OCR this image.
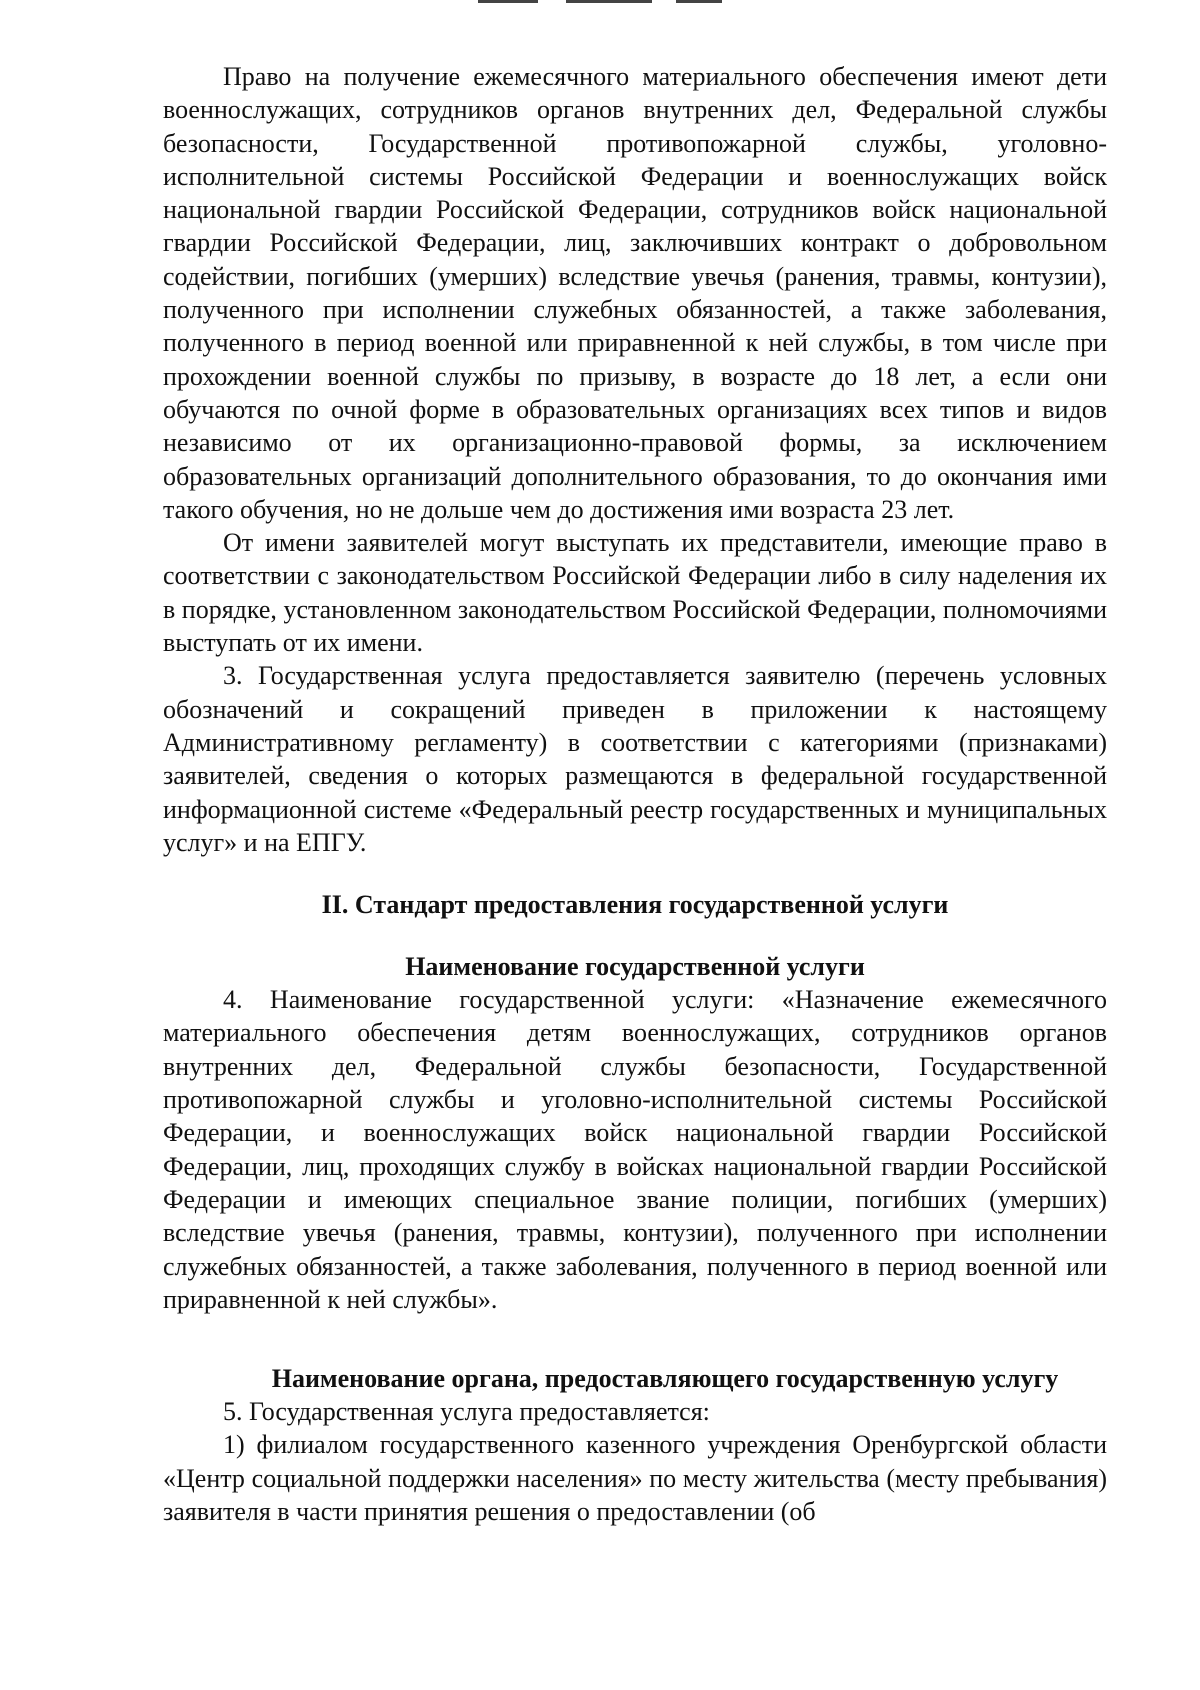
Право на получение ежемесячного материального обеспечения имеют дети военнослужащих, сотрудников органов внутренних дел, Федеральной службы безопасности, Государственной противопожарной службы, уголовно-исполнительной системы Российской Федерации и военнослужащих войск национальной гвардии Российской Федерации, сотрудников войск национальной гвардии Российской Федерации, лиц, заключивших контракт о добровольном содействии, погибших (умерших) вследствие увечья (ранения, травмы, контузии), полученного при исполнении служебных обязанностей, а также заболевания, полученного в период военной или приравненной к ней службы, в том числе при прохождении военной службы по призыву, в возрасте до 18 лет, а если они обучаются по очной форме в образовательных организациях всех типов и видов независимо от их организационно-правовой формы, за исключением образовательных организаций дополнительного образования, то до окончания ими такого обучения, но не дольше чем до достижения ими возраста 23 лет.

От имени заявителей могут выступать их представители, имеющие право в соответствии с законодательством Российской Федерации либо в силу наделения их в порядке, установленном законодательством Российской Федерации, полномочиями выступать от их имени.

3. Государственная услуга предоставляется заявителю (перечень условных обозначений и сокращений приведен в приложении к настоящему Административному регламенту) в соответствии с категориями (признаками) заявителей, сведения о которых размещаются в федеральной государственной информационной системе «Федеральный реестр государственных и муниципальных услуг» и на ЕПГУ.

II. Стандарт предоставления государственной услуги
Наименование государственной услуги

4. Наименование государственной услуги: «Назначение ежемесячного материального обеспечения детям военнослужащих, сотрудников органов внутренних дел, Федеральной службы безопасности, Государственной противопожарной службы и уголовно-исполнительной системы Российской Федерации, и военнослужащих войск национальной гвардии Российской Федерации, лиц, проходящих службу в войсках национальной гвардии Российской Федерации и имеющих специальное звание полиции, погибших (умерших) вследствие увечья (ранения, травмы, контузии), полученного при исполнении служебных обязанностей, а также заболевания, полученного в период военной или приравненной к ней службы».

Наименование органа, предоставляющего государственную услугу

5. Государственная услуга предоставляется:

1) филиалом государственного казенного учреждения Оренбургской области «Центр социальной поддержки населения» по месту жительства (месту пребывания) заявителя в части принятия решения о предоставлении (об
